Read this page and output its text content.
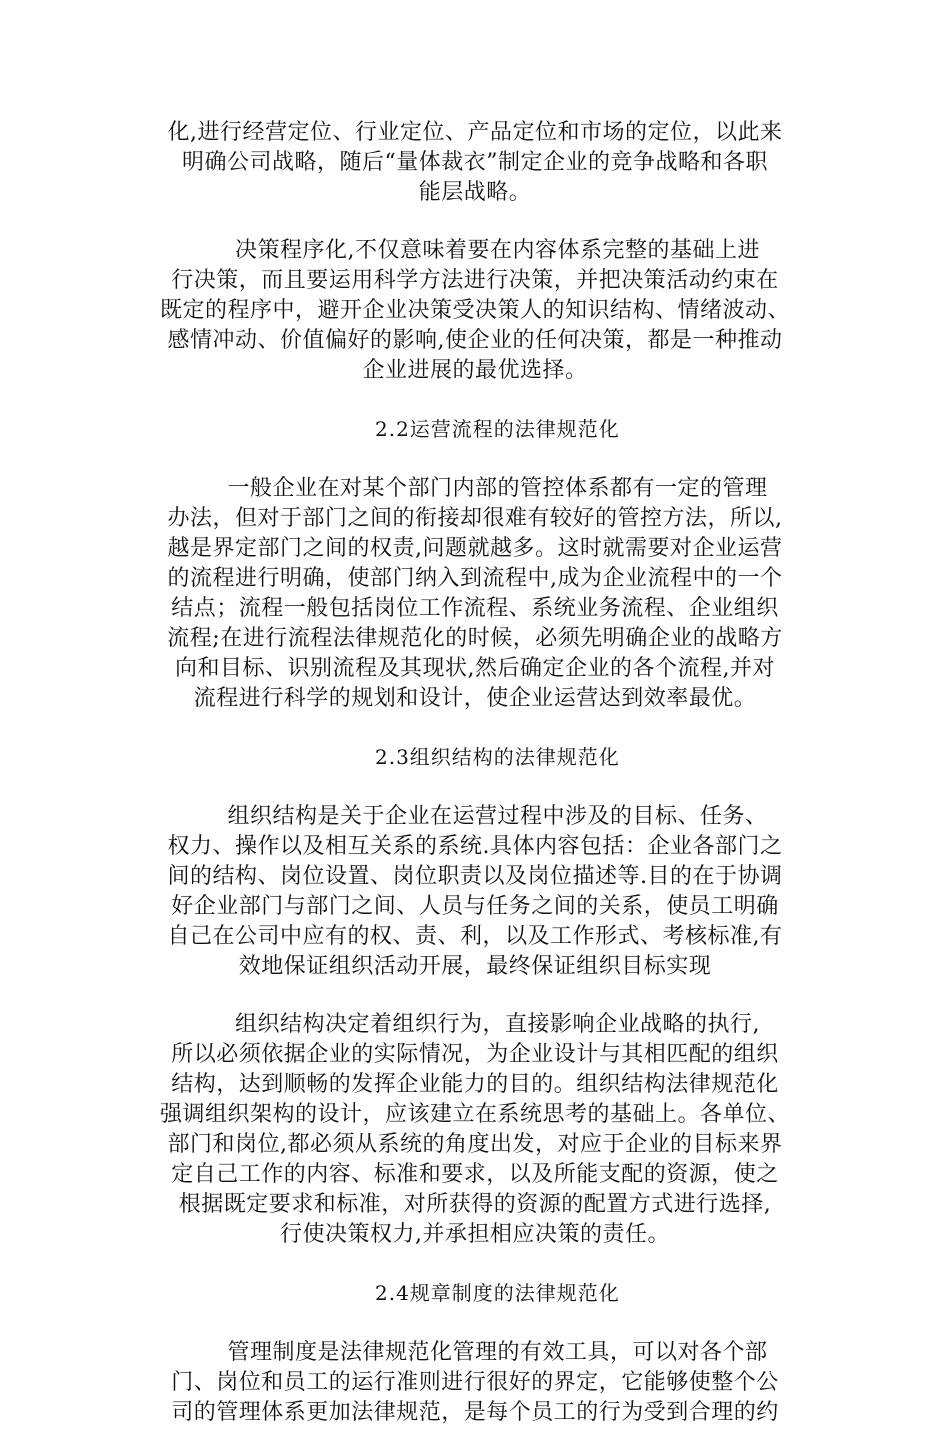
化,进行经营定位、行业定位、产品定位和市场的定位，以此来
明确公司战略，随后“量体裁衣”制定企业的竞争战略和各职
能层战略。
　　决策程序化,不仅意味着要在内容体系完整的基础上进
行决策，而且要运用科学方法进行决策，并把决策活动约束在
既定的程序中，避开企业决策受决策人的知识结构、情绪波动、
感情冲动、价值偏好的影响,使企业的任何决策，都是一种推动
企业进展的最优选择。
2.2运营流程的法律规范化
　　一般企业在对某个部门内部的管控体系都有一定的管理
办法，但对于部门之间的衔接却很难有较好的管控方法，所以,
越是界定部门之间的权责,问题就越多。这时就需要对企业运营
的流程进行明确，使部门纳入到流程中,成为企业流程中的一个
结点；流程一般包括岗位工作流程、系统业务流程、企业组织
流程;在进行流程法律规范化的时候，必须先明确企业的战略方
向和目标、识别流程及其现状,然后确定企业的各个流程,并对
流程进行科学的规划和设计，使企业运营达到效率最优。
2.3组织结构的法律规范化
　　组织结构是关于企业在运营过程中涉及的目标、任务、
权力、操作以及相互关系的系统.具体内容包括：企业各部门之
间的结构、岗位设置、岗位职责以及岗位描述等.目的在于协调
好企业部门与部门之间、人员与任务之间的关系，使员工明确
自己在公司中应有的权、责、利，以及工作形式、考核标准,有
效地保证组织活动开展，最终保证组织目标实现
　　组织结构决定着组织行为，直接影响企业战略的执行,
所以必须依据企业的实际情况，为企业设计与其相匹配的组织
结构，达到顺畅的发挥企业能力的目的。组织结构法律规范化
强调组织架构的设计，应该建立在系统思考的基础上。各单位、
部门和岗位,都必须从系统的角度出发，对应于企业的目标来界
定自己工作的内容、标准和要求，以及所能支配的资源，使之
根据既定要求和标准，对所获得的资源的配置方式进行选择,
行使决策权力,并承担相应决策的责任。
2.4规章制度的法律规范化
　　管理制度是法律规范化管理的有效工具，可以对各个部
门、岗位和员工的运行准则进行很好的界定，它能够使整个公
司的管理体系更加法律规范，是每个员工的行为受到合理的约
